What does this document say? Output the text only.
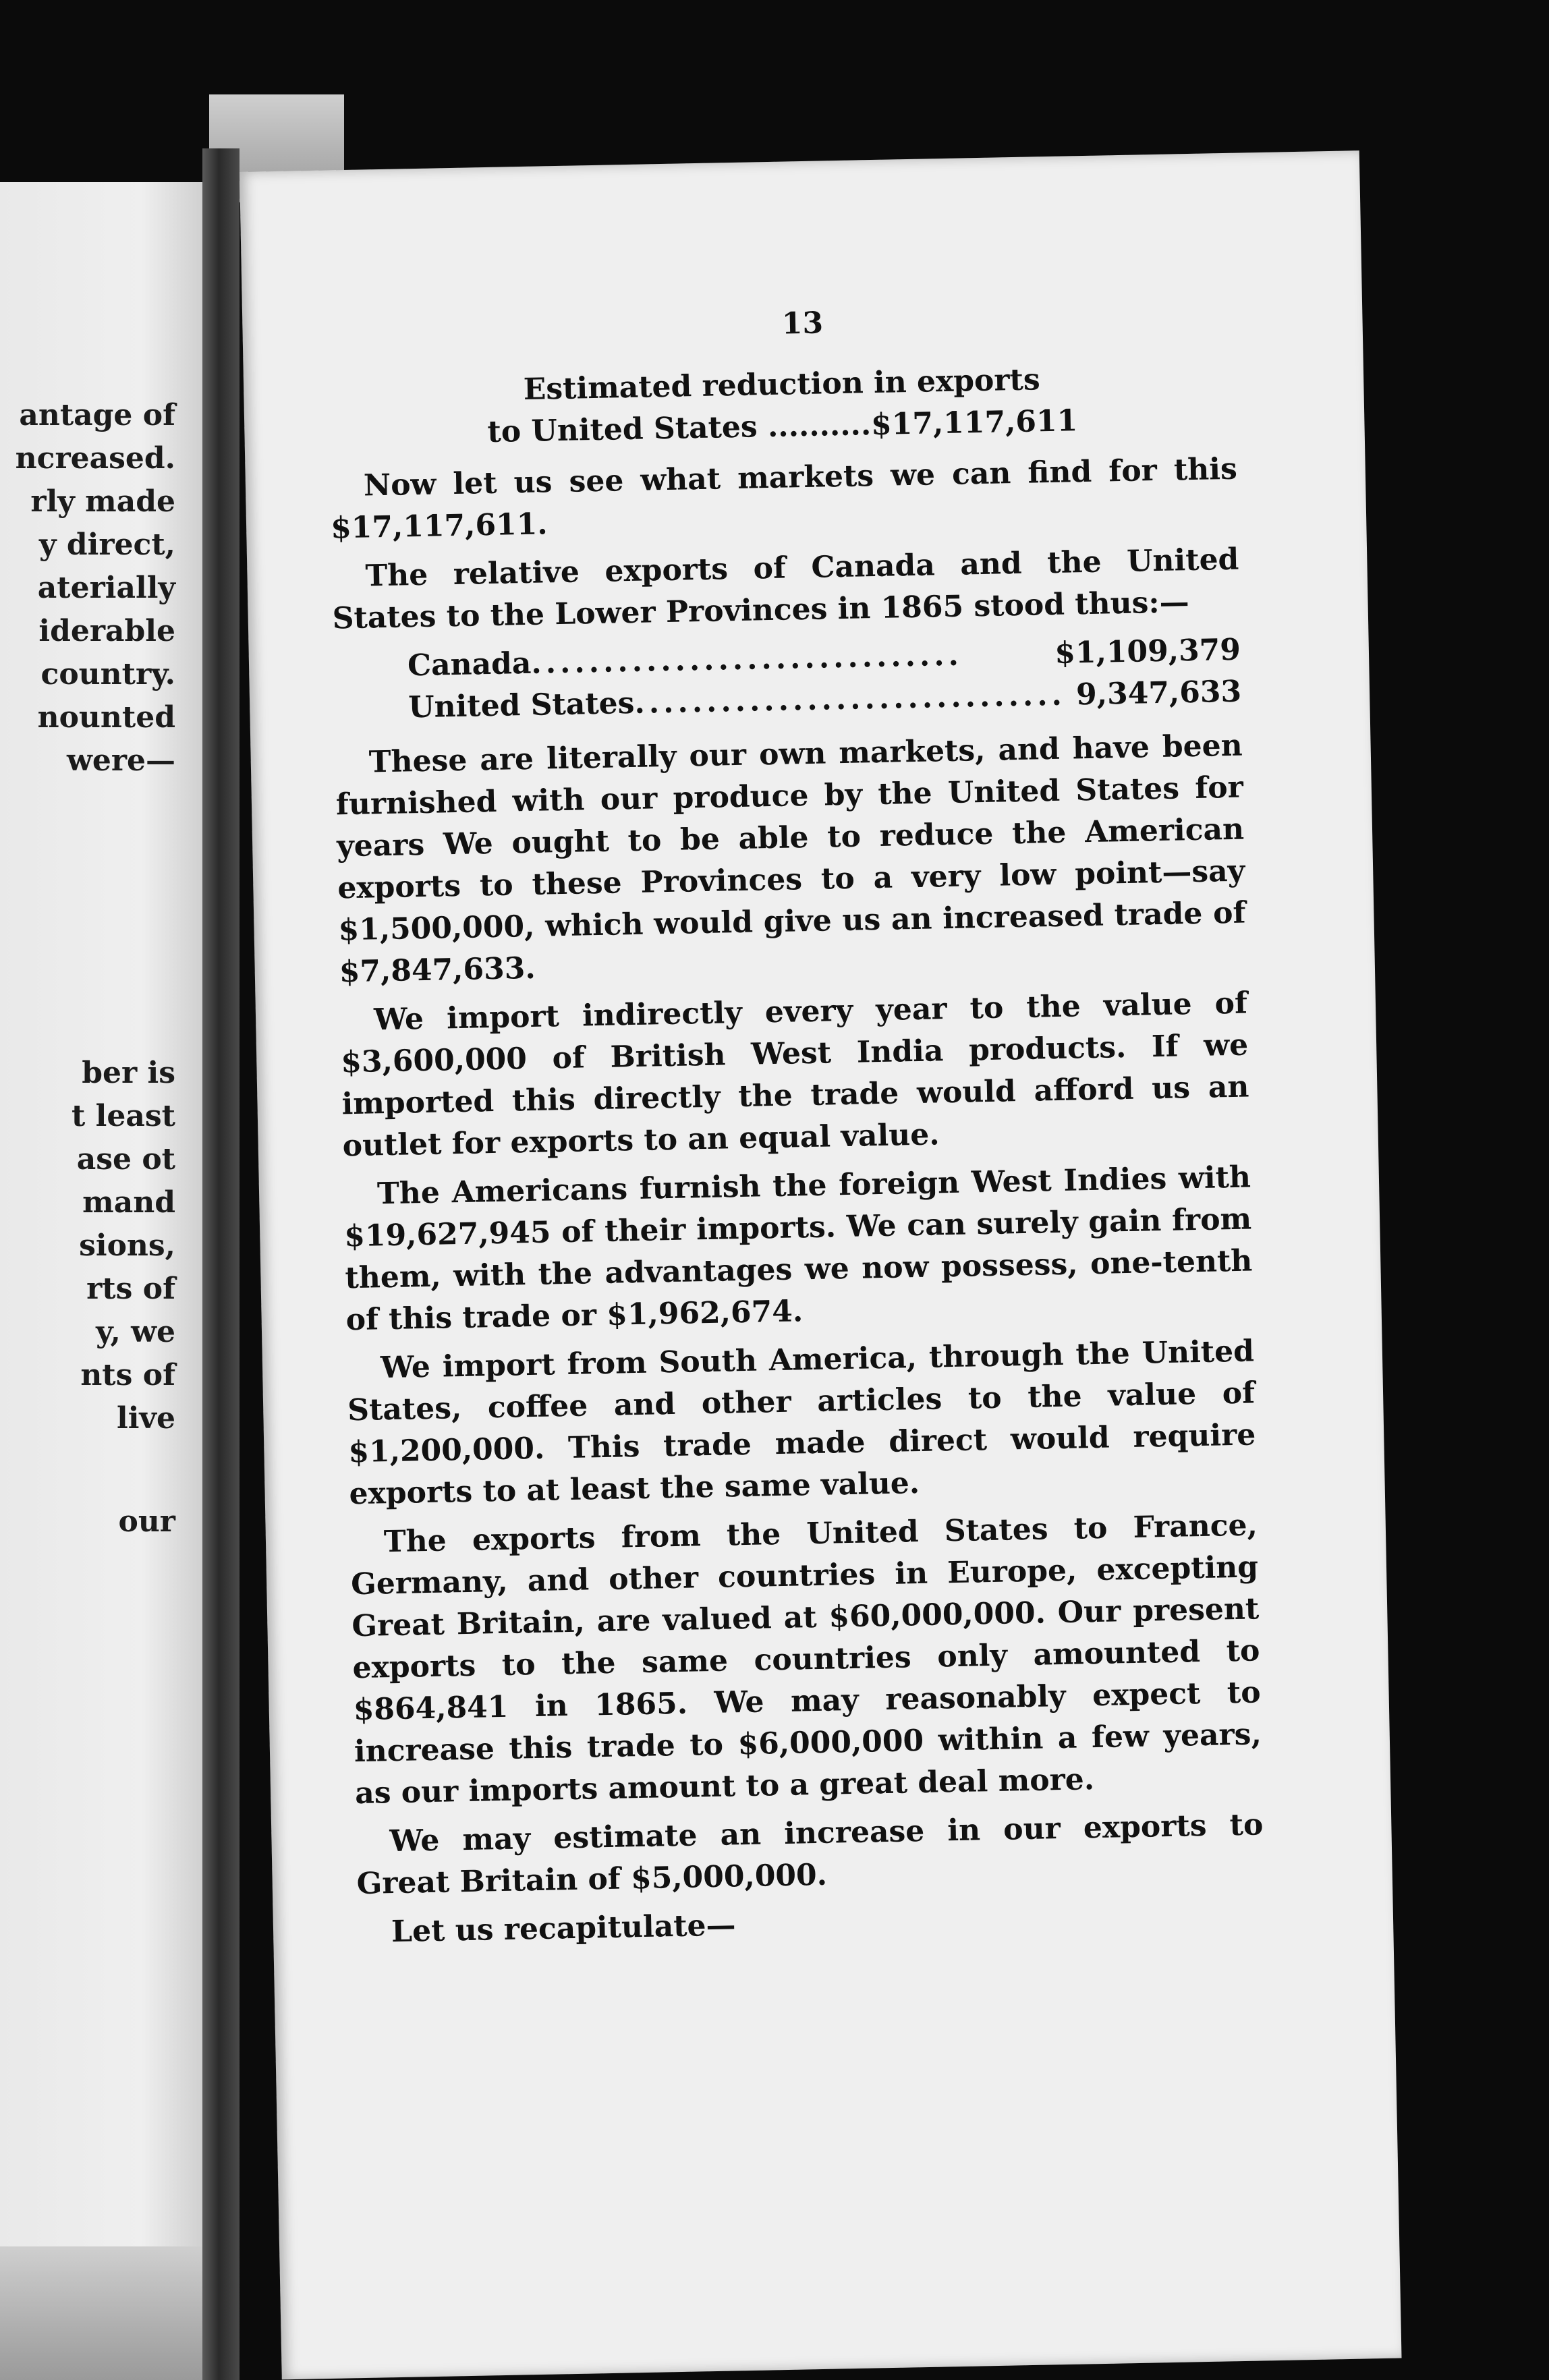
antage of
ncreased.
rly made
y direct,
aterially
iderable
country.
nounted
were—
ber is
t least
ase ot
mand
sions,
rts of
y, we
nts of
live
our
13

Estimated reduction in exports

to United States ..........$17,117,611

Now let us see what markets we can find for this $17,117,611.

The relative exports of Canada and the United States to the Lower Provinces in 1865 stood thus:—

Canada ..............................	$1,109,379
United States .............................. 9,347,633

These are literally our own markets, and have been furnished with our produce by the United States for years We ought to be able to reduce the American exports to these Provinces to a very low point—say $1,500,000, which would give us an increased trade of $7,847,633.

We import indirectly every year to the value of $3,600,000 of British West India products. If we imported this directly the trade would afford us an outlet for exports to an equal value.

The Americans furnish the foreign West Indies with $19,627,945 of their imports. We can surely gain from them, with the advantages we now possess, one-tenth of this trade or $1,962,674.

We import from South America, through the United States, coffee and other articles to the value of $1,200,000. This trade made direct would require exports to at least the same value.

The exports from the United States to France, Germany, and other countries in Europe, excepting Great Britain, are valued at $60,000,000. Our present exports to the same countries only amounted to $864,841 in 1865. We may reasonably expect to increase this trade to $6,000,000 within a few years, as our imports amount to a great deal more.

We may estimate an increase in our exports to Great Britain of $5,000,000.

Let us recapitulate—
